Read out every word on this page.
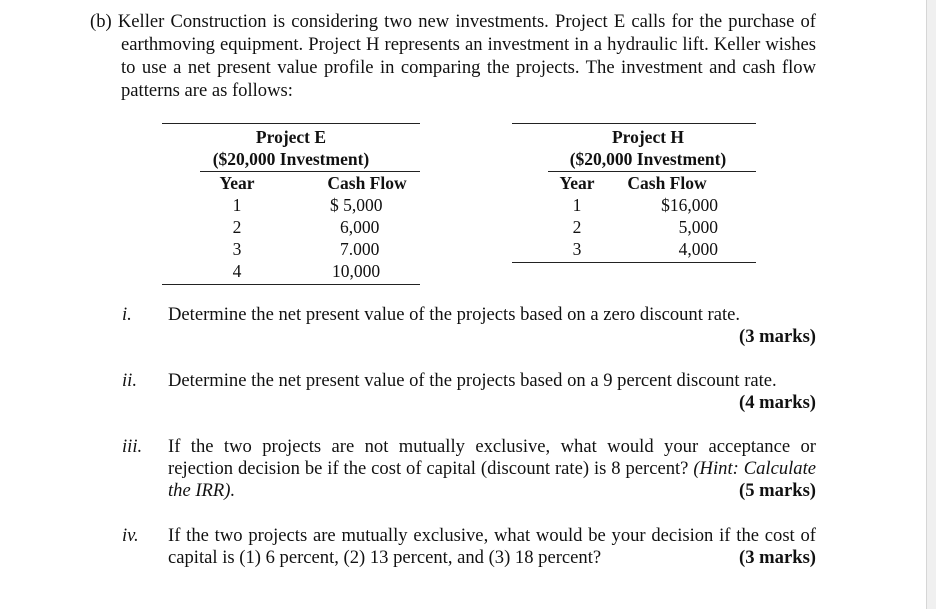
(b) Keller Construction is considering two new investments. Project E calls for the purchase of earthmoving equipment. Project H represents an investment in a hydraulic lift. Keller wishes to use a net present value profile in comparing the projects. The investment and cash flow patterns are as follows:
Project E
($20,000 Investment)
Year	Cash Flow
1	$ 5,000
2	6,000
3	7.000
4	10,000
Project H
($20,000 Investment)
Year	Cash Flow
1	$16,000
2	5,000
3	4,000
i. Determine the net present value of the projects based on a zero discount rate.
(3 marks)
ii. Determine the net present value of the projects based on a 9 percent discount rate.
(4 marks)
iii. If the two projects are not mutually exclusive, what would your acceptance or rejection decision be if the cost of capital (discount rate) is 8 percent? (Hint: Calculate the IRR).	(5 marks)
iv. If the two projects are mutually exclusive, what would be your decision if the cost of capital is (1) 6 percent, (2) 13 percent, and (3) 18 percent?	(3 marks)
